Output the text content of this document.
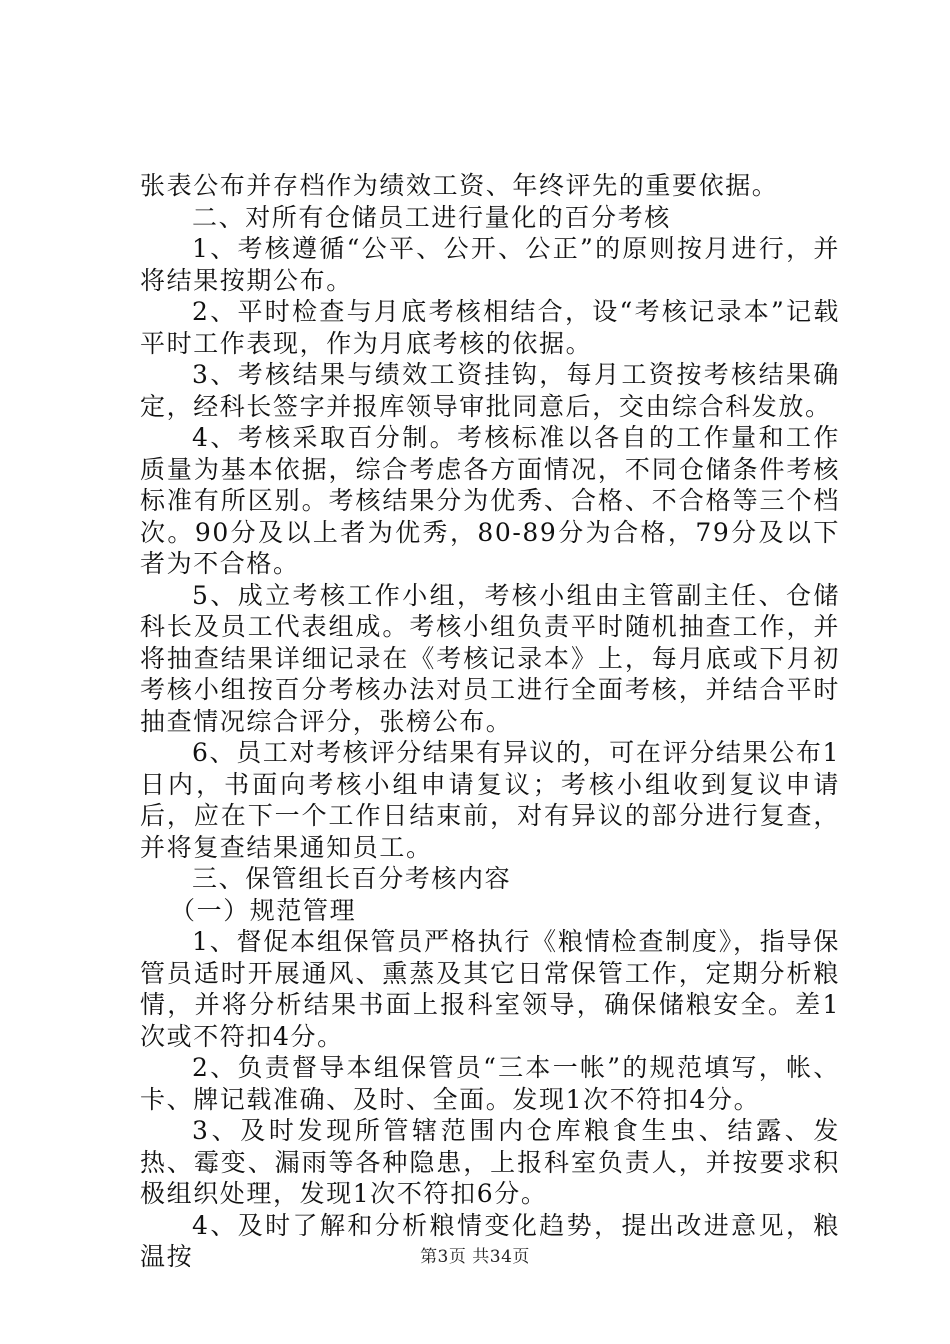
张表公布并存档作为绩效工资、年终评先的重要依据。

二、对所有仓储员工进行量化的百分考核

1、考核遵循“公平、公开、公正”的原则按月进行，并将结果按期公布。

2、平时检查与月底考核相结合，设“考核记录本”记载平时工作表现，作为月底考核的依据。

3、考核结果与绩效工资挂钩，每月工资按考核结果确定，经科长签字并报库领导审批同意后，交由综合科发放。

4、考核采取百分制。考核标准以各自的工作量和工作质量为基本依据，综合考虑各方面情况，不同仓储条件考核标准有所区别。考核结果分为优秀、合格、不合格等三个档次。90分及以上者为优秀，80-89分为合格，79分及以下者为不合格。

5、成立考核工作小组，考核小组由主管副主任、仓储科长及员工代表组成。考核小组负责平时随机抽查工作，并将抽查结果详细记录在《考核记录本》上，每月底或下月初考核小组按百分考核办法对员工进行全面考核，并结合平时抽查情况综合评分，张榜公布。

6、员工对考核评分结果有异议的，可在评分结果公布1日内，书面向考核小组申请复议；考核小组收到复议申请后，应在下一个工作日结束前，对有异议的部分进行复查，并将复查结果通知员工。

三、保管组长百分考核内容

（一）规范管理

1、督促本组保管员严格执行《粮情检查制度》，指导保管员适时开展通风、熏蒸及其它日常保管工作，定期分析粮情，并将分析结果书面上报科室领导，确保储粮安全。差1次或不符扣4分。

2、负责督导本组保管员“三本一帐”的规范填写，帐、卡、牌记载准确、及时、全面。发现1次不符扣4分。

3、及时发现所管辖范围内仓库粮食生虫、结露、发热、霉变、漏雨等各种隐患，上报科室负责人，并按要求积极组织处理，发现1次不符扣6分。

4、及时了解和分析粮情变化趋势，提出改进意见，粮温按	第3页 共34页
